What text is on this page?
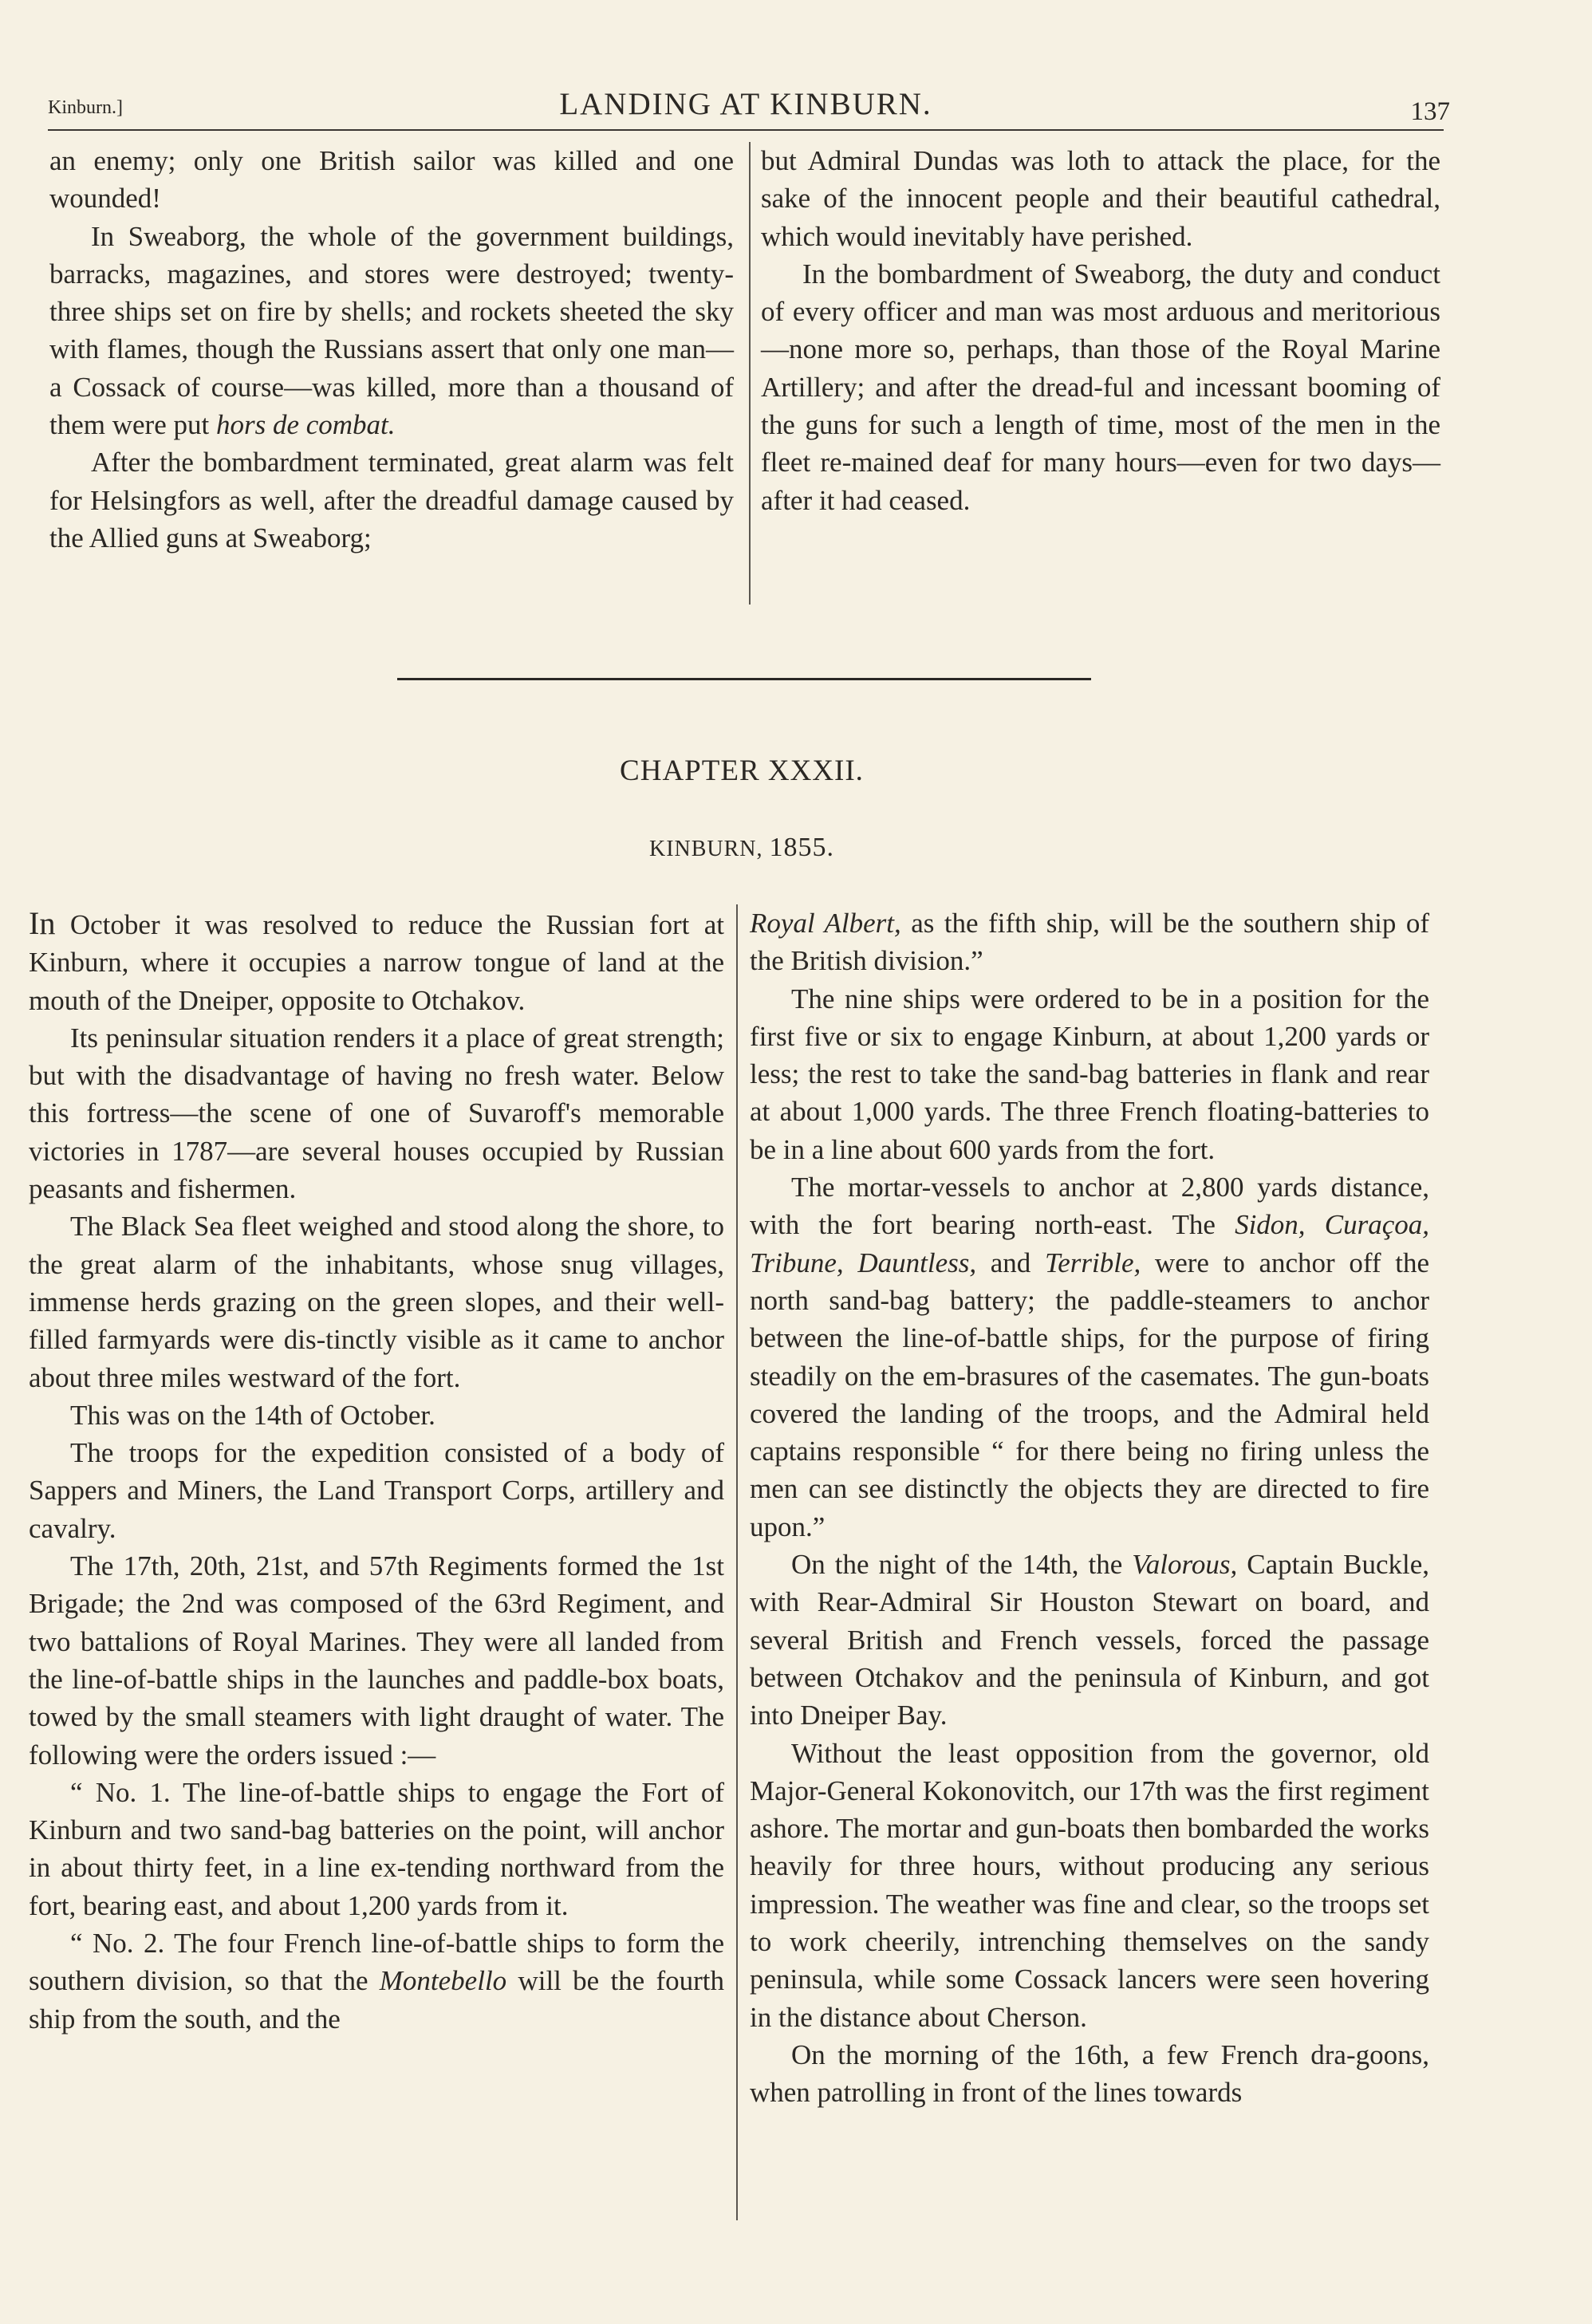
Kinburn.]	LANDING AT KINBURN.	137

an enemy; only one British sailor was killed and one wounded!

In Sweaborg, the whole of the government buildings, barracks, magazines, and stores were destroyed; twenty-three ships set on fire by shells; and rockets sheeted the sky with flames, though the Russians assert that only one man—a Cossack of course—was killed, more than a thousand of them were put hors de combat.

After the bombardment terminated, great alarm was felt for Helsingfors as well, after the dreadful damage caused by the Allied guns at Sweaborg;

but Admiral Dundas was loth to attack the place, for the sake of the innocent people and their beautiful cathedral, which would inevitably have perished.

In the bombardment of Sweaborg, the duty and conduct of every officer and man was most arduous and meritorious—none more so, perhaps, than those of the Royal Marine Artillery; and after the dread-ful and incessant booming of the guns for such a length of time, most of the men in the fleet re-mained deaf for many hours—even for two days—after it had ceased.

CHAPTER XXXII.
KINBURN, 1855.

In October it was resolved to reduce the Russian fort at Kinburn, where it occupies a narrow tongue of land at the mouth of the Dneiper, opposite to Otchakov.

Its peninsular situation renders it a place of great strength; but with the disadvantage of having no fresh water. Below this fortress—the scene of one of Suvaroff's memorable victories in 1787—are several houses occupied by Russian peasants and fishermen.

The Black Sea fleet weighed and stood along the shore, to the great alarm of the inhabitants, whose snug villages, immense herds grazing on the green slopes, and their well-filled farmyards were dis-tinctly visible as it came to anchor about three miles westward of the fort.

This was on the 14th of October.

The troops for the expedition consisted of a body of Sappers and Miners, the Land Transport Corps, artillery and cavalry.

The 17th, 20th, 21st, and 57th Regiments formed the 1st Brigade; the 2nd was composed of the 63rd Regiment, and two battalions of Royal Marines. They were all landed from the line-of-battle ships in the launches and paddle-box boats, towed by the small steamers with light draught of water. The following were the orders issued :—

“ No. 1. The line-of-battle ships to engage the Fort of Kinburn and two sand-bag batteries on the point, will anchor in about thirty feet, in a line ex-tending northward from the fort, bearing east, and about 1,200 yards from it.

“ No. 2. The four French line-of-battle ships to form the southern division, so that the Montebello will be the fourth ship from the south, and the

Royal Albert, as the fifth ship, will be the southern ship of the British division.”

The nine ships were ordered to be in a position for the first five or six to engage Kinburn, at about 1,200 yards or less; the rest to take the sand-bag batteries in flank and rear at about 1,000 yards. The three French floating-batteries to be in a line about 600 yards from the fort.

The mortar-vessels to anchor at 2,800 yards distance, with the fort bearing north-east. The Sidon, Curaçoa, Tribune, Dauntless, and Terrible, were to anchor off the north sand-bag battery; the paddle-steamers to anchor between the line-of-battle ships, for the purpose of firing steadily on the em-brasures of the casemates. The gun-boats covered the landing of the troops, and the Admiral held captains responsible “ for there being no firing unless the men can see distinctly the objects they are directed to fire upon.”

On the night of the 14th, the Valorous, Captain Buckle, with Rear-Admiral Sir Houston Stewart on board, and several British and French vessels, forced the passage between Otchakov and the peninsula of Kinburn, and got into Dneiper Bay.

Without the least opposition from the governor, old Major-General Kokonovitch, our 17th was the first regiment ashore. The mortar and gun-boats then bombarded the works heavily for three hours, without producing any serious impression. The weather was fine and clear, so the troops set to work cheerily, intrenching themselves on the sandy peninsula, while some Cossack lancers were seen hovering in the distance about Cherson.

On the morning of the 16th, a few French dra-goons, when patrolling in front of the lines towards
